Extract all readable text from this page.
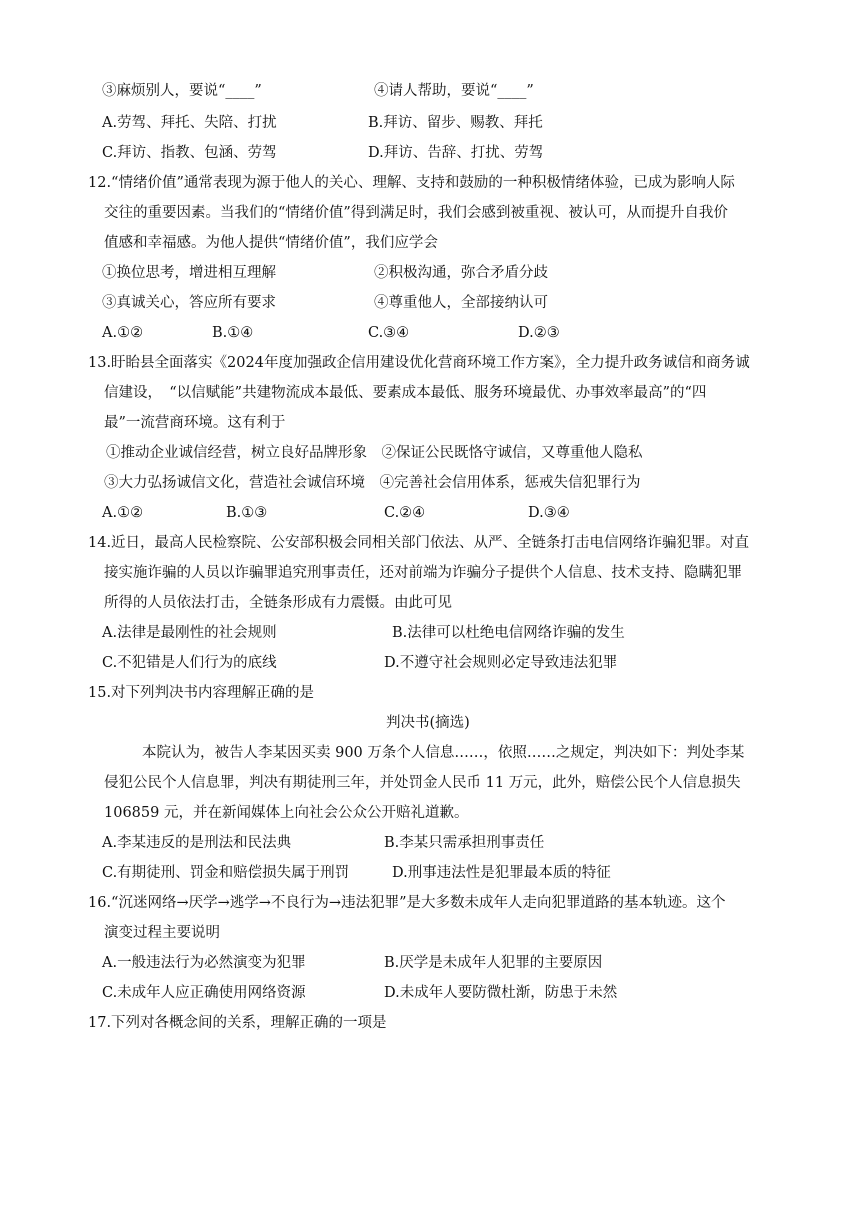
③麻烦别人，要说“____”	④请人帮助，要说“____”
A.劳驾、拜托、失陪、打扰	B.拜访、留步、赐教、拜托
C.拜访、指教、包涵、劳驾	D.拜访、告辞、打扰、劳驾
12.“情绪价值”通常表现为源于他人的关心、理解、支持和鼓励的一种积极情绪体验，已成为影响人际
交往的重要因素。当我们的“情绪价值”得到满足时，我们会感到被重视、被认可，从而提升自我价
值感和幸福感。为他人提供“情绪价值”，我们应学会
①换位思考，增进相互理解	②积极沟通，弥合矛盾分歧
③真诚关心，答应所有要求	④尊重他人，全部接纳认可
A.①②	B.①④	C.③④	D.②③
13.盱眙县全面落实《2024年度加强政企信用建设优化营商环境工作方案》，全力提升政务诚信和商务诚
信建设，　“以信赋能”共建物流成本最低、要素成本最低、服务环境最优、办事效率最高”的“四
最”一流营商环境。这有利于
①推动企业诚信经营，树立良好品牌形象　②保证公民既恪守诚信，又尊重他人隐私
③大力弘扬诚信文化，营造社会诚信环境　④完善社会信用体系，惩戒失信犯罪行为
A.①②	B.①③	C.②④	D.③④
14.近日，最高人民检察院、公安部积极会同相关部门依法、从严、全链条打击电信网络诈骗犯罪。对直
接实施诈骗的人员以诈骗罪追究刑事责任，还对前端为诈骗分子提供个人信息、技术支持、隐瞒犯罪
所得的人员依法打击，全链条形成有力震慑。由此可见
A.法律是最刚性的社会规则	B.法律可以杜绝电信网络诈骗的发生
C.不犯错是人们行为的底线	D.不遵守社会规则必定导致违法犯罪
15.对下列判决书内容理解正确的是
判决书(摘选)
本院认为，被告人李某因买卖 900 万条个人信息……，依照……之规定，判决如下：判处李某
侵犯公民个人信息罪，判决有期徒刑三年，并处罚金人民币 11 万元，此外，赔偿公民个人信息损失
106859 元，并在新闻媒体上向社会公众公开赔礼道歉。
A.李某违反的是刑法和民法典	B.李某只需承担刑事责任
C.有期徒刑、罚金和赔偿损失属于刑罚	D.刑事违法性是犯罪最本质的特征
16.“沉迷网络→厌学→逃学→不良行为→违法犯罪”是大多数未成年人走向犯罪道路的基本轨迹。这个
演变过程主要说明
A.一般违法行为必然演变为犯罪	B.厌学是未成年人犯罪的主要原因
C.未成年人应正确使用网络资源	D.未成年人要防微杜渐，防患于未然
17.下列对各概念间的关系，理解正确的一项是
